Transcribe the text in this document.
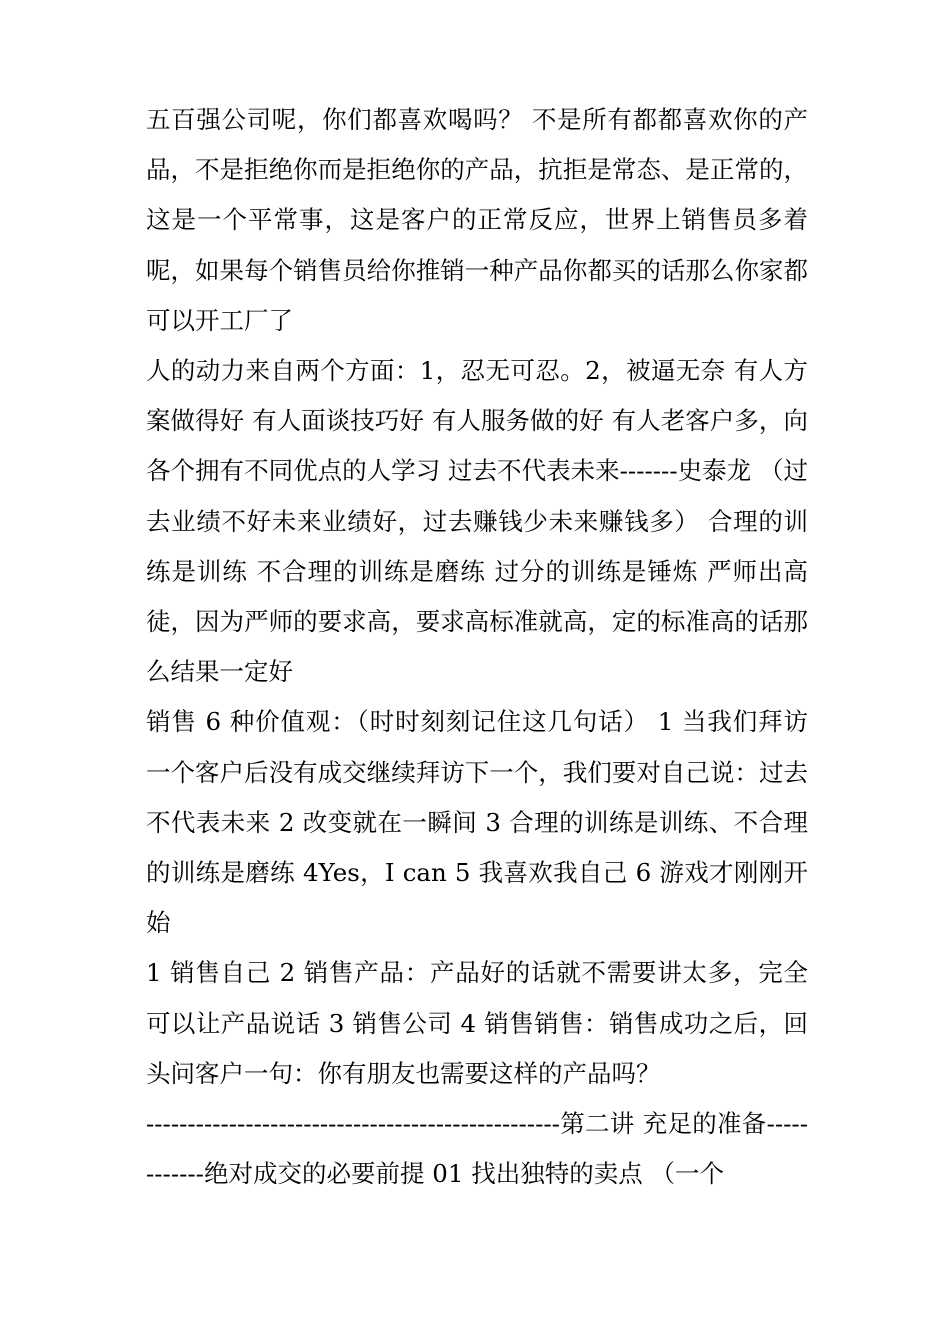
五百强公司呢，你们都喜欢喝吗？ 不是所有都都喜欢你的产品，不是拒绝你而是拒绝你的产品，抗拒是常态、是正常的，这是一个平常事，这是客户的正常反应，世界上销售员多着呢，如果每个销售员给你推销一种产品你都买的话那么你家都可以开工厂了

人的动力来自两个方面：1，忍无可忍。2，被逼无奈 有人方案做得好 有人面谈技巧好 有人服务做的好 有人老客户多，向各个拥有不同优点的人学习 过去不代表未来-------史泰龙 （过去业绩不好未来业绩好，过去赚钱少未来赚钱多） 合理的训练是训练 不合理的训练是磨练 过分的训练是锤炼 严师出高徒，因为严师的要求高，要求高标准就高，定的标准高的话那么结果一定好

销售 6 种价值观：（时时刻刻记住这几句话） 1 当我们拜访一个客户后没有成交继续拜访下一个，我们要对自己说：过去不代表未来 2 改变就在一瞬间 3 合理的训练是训练、不合理的训练是磨练 4Yes，I can 5 我喜欢我自己 6 游戏才刚刚开始

1 销售自己 2 销售产品：产品好的话就不需要讲太多，完全可以让产品说话 3 销售公司 4 销售销售：销售成功之后，回头问客户一句：你有朋友也需要这样的产品吗？

--------------------------------------------------第二讲 充足的准备------------绝对成交的必要前提 01 找出独特的卖点 （一个
